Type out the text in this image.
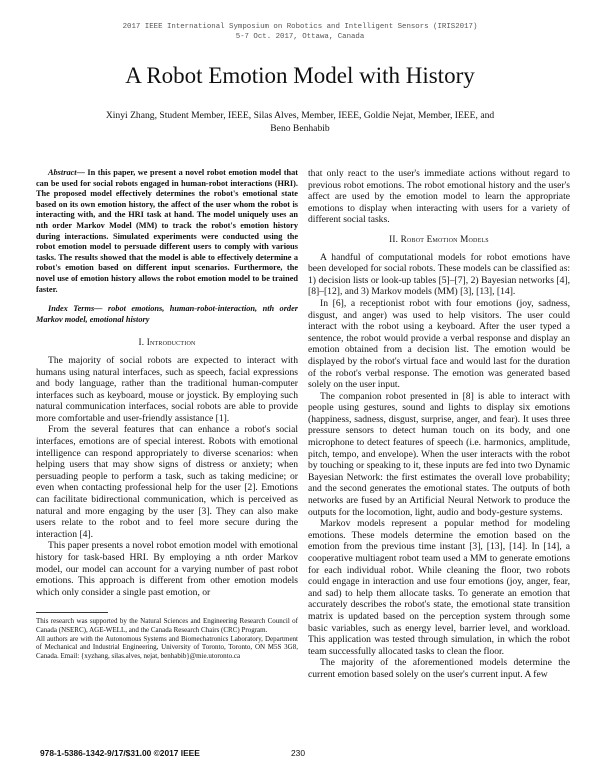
2017 IEEE International Symposium on Robotics and Intelligent Sensors (IRIS2017)
5-7 Oct. 2017, Ottawa, Canada
A Robot Emotion Model with History
Xinyi Zhang, Student Member, IEEE, Silas Alves, Member, IEEE, Goldie Nejat, Member, IEEE, and
Beno Benhabib

Abstract— In this paper, we present a novel robot emotion model that can be used for social robots engaged in human-robot interactions (HRI). The proposed model effectively determines the robot's emotional state based on its own emotion history, the affect of the user whom the robot is interacting with, and the HRI task at hand. The model uniquely uses an nth order Markov Model (MM) to track the robot's emotion history during interactions. Simulated experiments were conducted using the robot emotion model to persuade different users to comply with various tasks. The results showed that the model is able to effectively determine a robot's emotion based on different input scenarios. Furthermore, the novel use of emotion history allows the robot emotion model to be trained faster.

Index Terms— robot emotions, human-robot-interaction, nth order Markov model, emotional history

I. Introduction

The majority of social robots are expected to interact with humans using natural interfaces, such as speech, facial expressions and body language, rather than the traditional human-computer interfaces such as keyboard, mouse or joystick. By employing such natural communication interfaces, social robots are able to provide more comfortable and user-friendly assistance [1].

From the several features that can enhance a robot's social interfaces, emotions are of special interest. Robots with emotional intelligence can respond appropriately to diverse scenarios: when helping users that may show signs of distress or anxiety; when persuading people to perform a task, such as taking medicine; or even when contacting professional help for the user [2]. Emotions can facilitate bidirectional communication, which is perceived as natural and more engaging by the user [3]. They can also make users relate to the robot and to feel more secure during the interaction [4].

This paper presents a novel robot emotion model with emotional history for task-based HRI. By employing a nth order Markov model, our model can account for a varying number of past robot emotions. This approach is different from other emotion models which only consider a single past emotion, or

This research was supported by the Natural Sciences and Engineering Research Council of Canada (NSERC), AGE-WELL, and the Canada Research Chairs (CRC) Program.

All authors are with the Autonomous Systems and Biomechatronics Laboratory, Department of Mechanical and Industrial Engineering, University of Toronto, Toronto, ON M5S 3G8, Canada. Email: {xyzhang, silas.alves, nejat, benhabib}@mie.utoronto.ca

that only react to the user's immediate actions without regard to previous robot emotions. The robot emotional history and the user's affect are used by the emotion model to learn the appropriate emotions to display when interacting with users for a variety of different social tasks.

II. Robot Emotion Models

A handful of computational models for robot emotions have been developed for social robots. These models can be classified as: 1) decision lists or look-up tables [5]–[7], 2) Bayesian networks [4], [8]–[12], and 3) Markov models (MM) [3], [13], [14].

In [6], a receptionist robot with four emotions (joy, sadness, disgust, and anger) was used to help visitors. The user could interact with the robot using a keyboard. After the user typed a sentence, the robot would provide a verbal response and display an emotion obtained from a decision list. The emotion would be displayed by the robot's virtual face and would last for the duration of the robot's verbal response. The emotion was generated based solely on the user input.

The companion robot presented in [8] is able to interact with people using gestures, sound and lights to display six emotions (happiness, sadness, disgust, surprise, anger, and fear). It uses three pressure sensors to detect human touch on its body, and one microphone to detect features of speech (i.e. harmonics, amplitude, pitch, tempo, and envelope). When the user interacts with the robot by touching or speaking to it, these inputs are fed into two Dynamic Bayesian Network: the first estimates the overall love probability; and the second generates the emotional states. The outputs of both networks are fused by an Artificial Neural Network to produce the outputs for the locomotion, light, audio and body-gesture systems.

Markov models represent a popular method for modeling emotions. These models determine the emotion based on the emotion from the previous time instant [3], [13], [14]. In [14], a cooperative multiagent robot team used a MM to generate emotions for each individual robot. While cleaning the floor, two robots could engage in interaction and use four emotions (joy, anger, fear, and sad) to help them allocate tasks. To generate an emotion that accurately describes the robot's state, the emotional state transition matrix is updated based on the perception system through some basic variables, such as energy level, barrier level, and workload. This application was tested through simulation, in which the robot team successfully allocated tasks to clean the floor.

The majority of the aforementioned models determine the current emotion based solely on the user's current input. A few

978-1-5386-1342-9/17/$31.00 ©2017 IEEE	230
